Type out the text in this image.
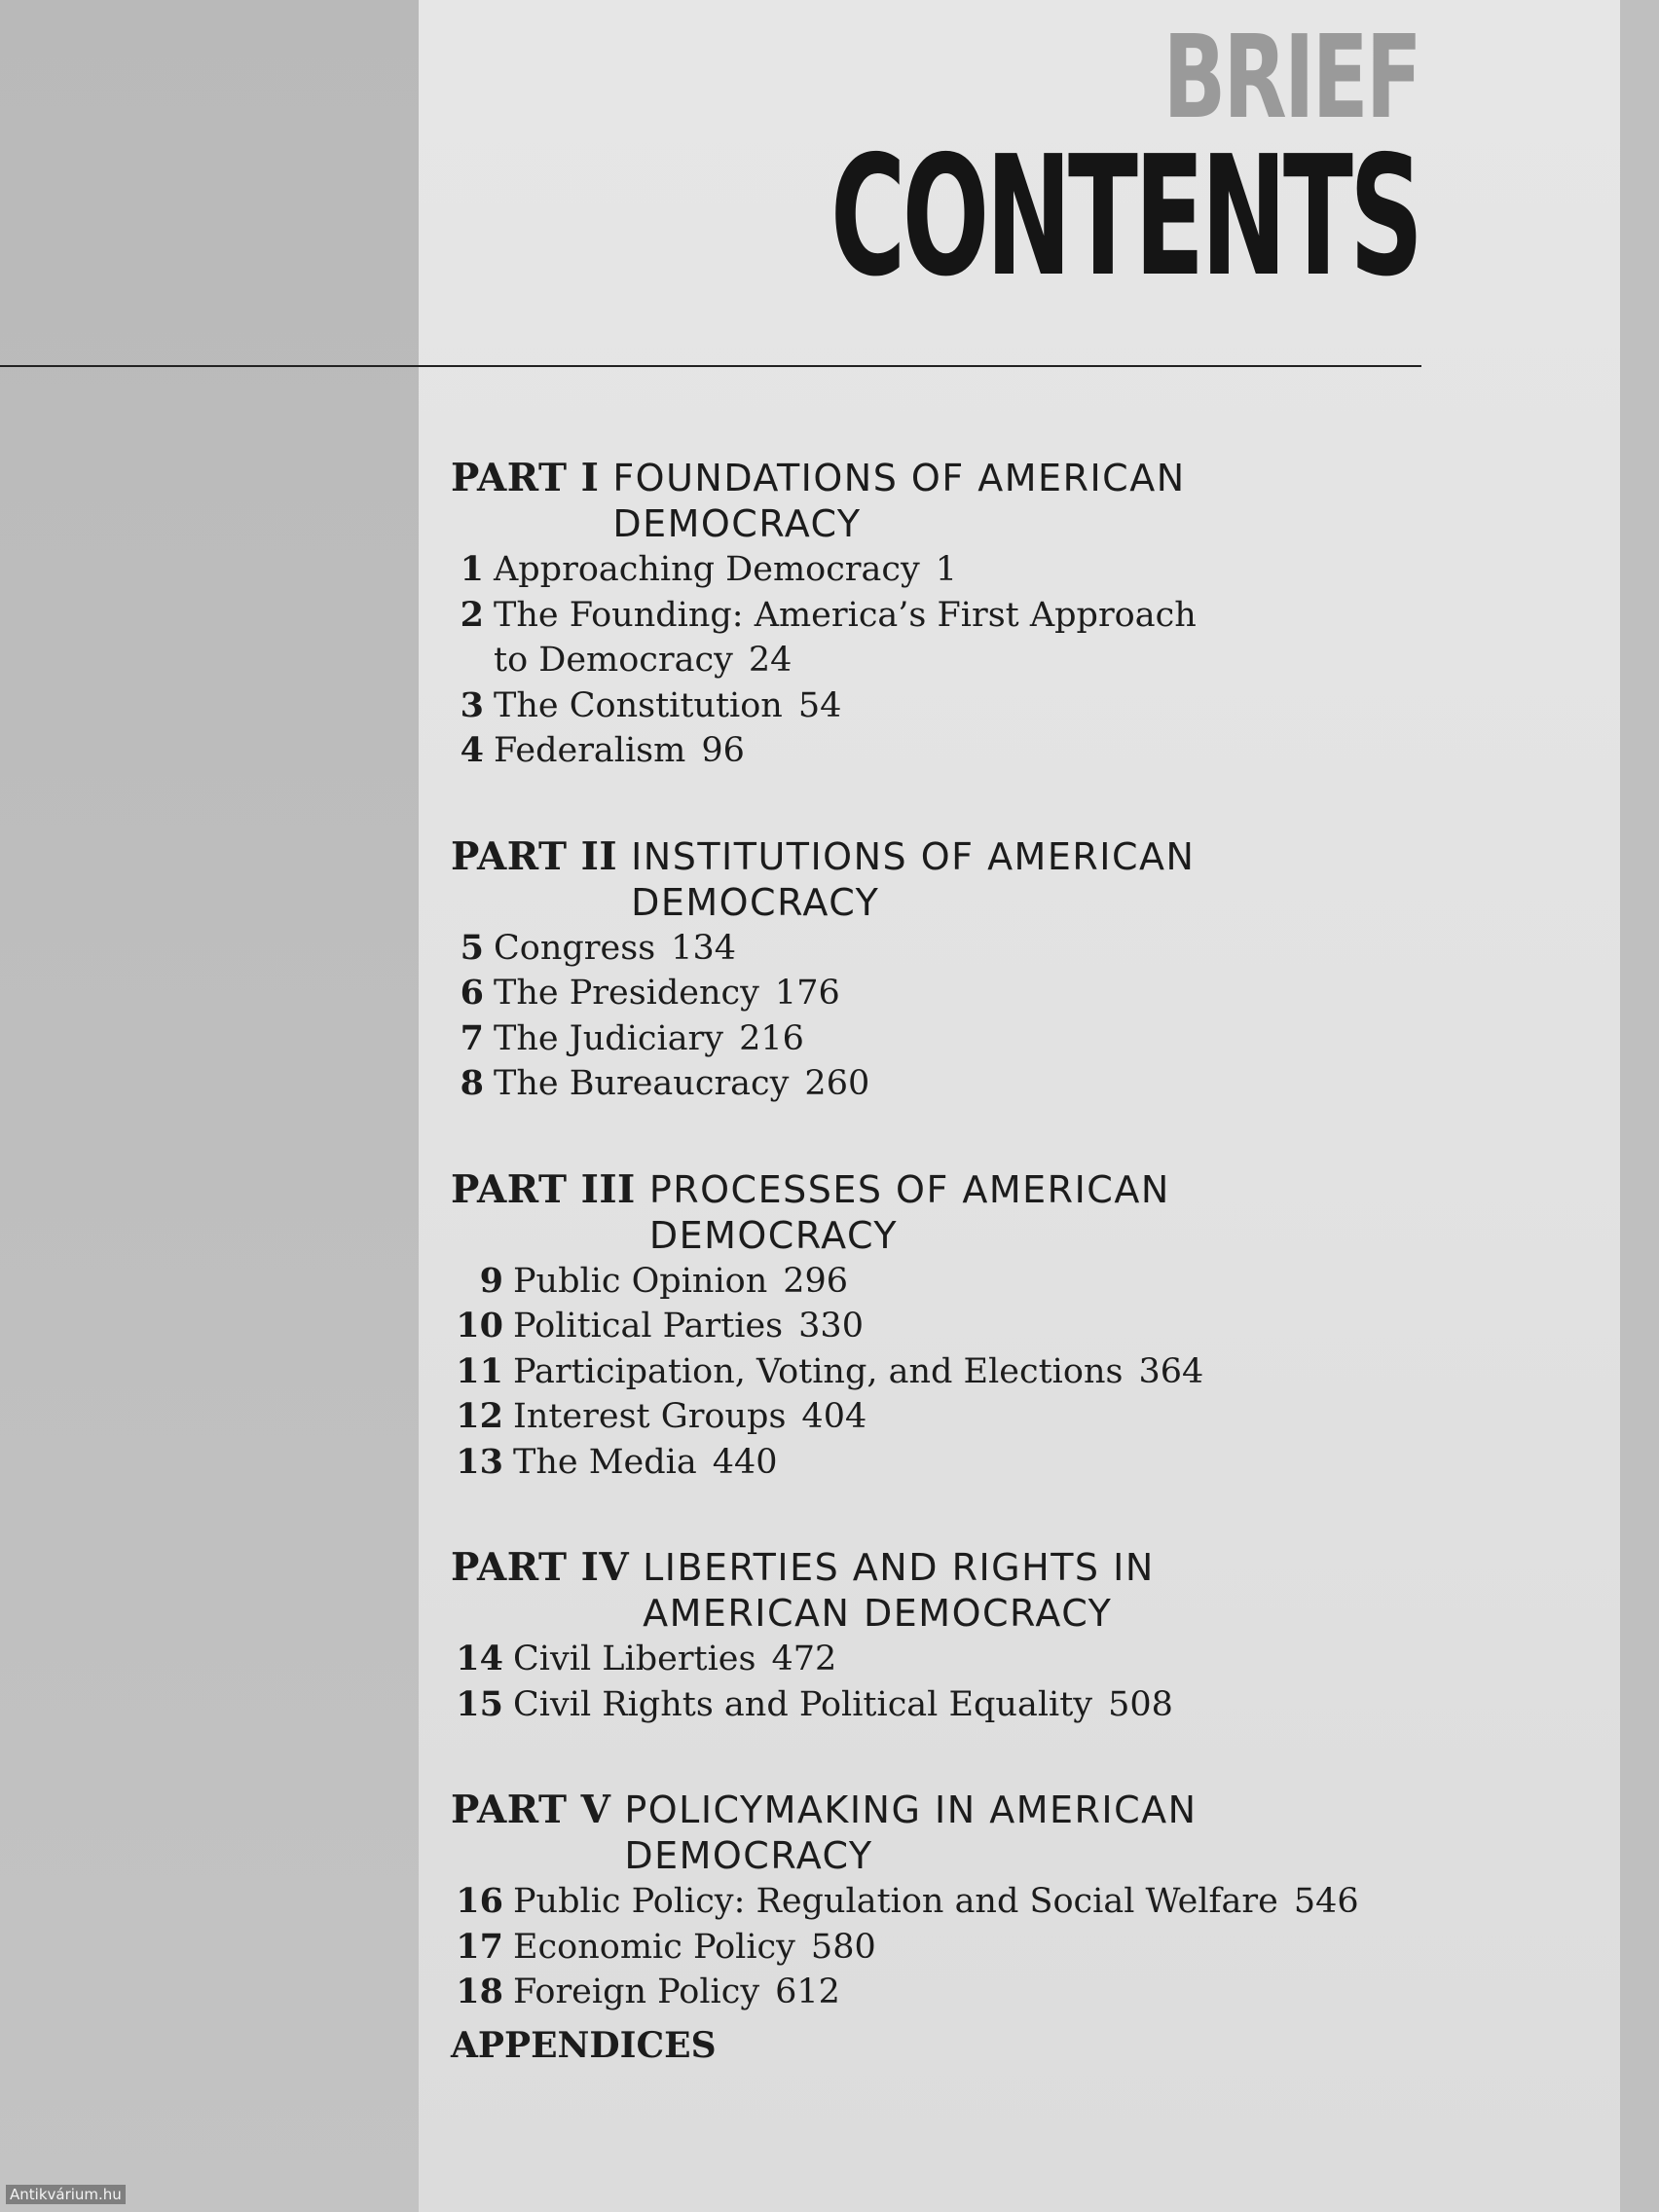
BRIEF
CONTENTS
PART I FOUNDATIONS OF AMERICAN
DEMOCRACY
1 Approaching Democracy 1
2 The Founding: America’s First Approach to Democracy 24
3 The Constitution 54
4 Federalism 96
PART II INSTITUTIONS OF AMERICAN
DEMOCRACY
5 Congress 134
6 The Presidency 176
7 The Judiciary 216
8 The Bureaucracy 260
PART III PROCESSES OF AMERICAN
DEMOCRACY
9 Public Opinion 296
10 Political Parties 330
11 Participation, Voting, and Elections 364
12 Interest Groups 404
13 The Media 440
PART IV LIBERTIES AND RIGHTS IN
AMERICAN DEMOCRACY
14 Civil Liberties 472
15 Civil Rights and Political Equality 508
PART V POLICYMAKING IN AMERICAN
DEMOCRACY
16 Public Policy: Regulation and Social Welfare 546
17 Economic Policy 580
18 Foreign Policy 612
APPENDICES
Antikvárium.hu
